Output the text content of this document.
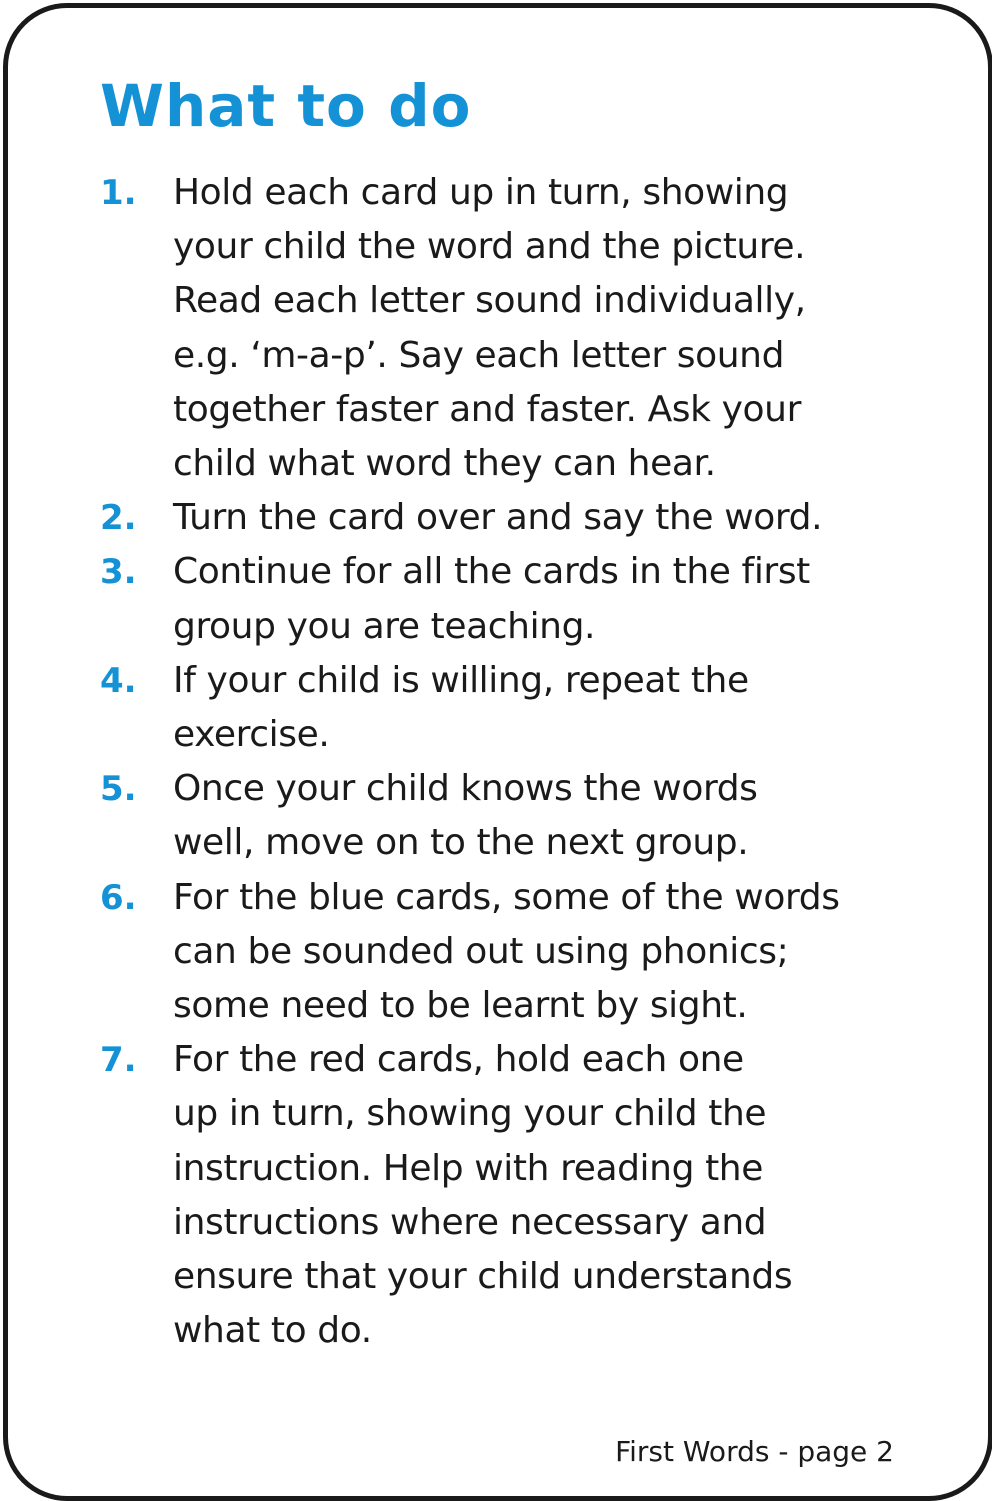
What to do
1.	Hold each card up in turn, showing
your child the word and the picture.
Read each letter sound individually,
e.g. ‘m-a-p’. Say each letter sound
together faster and faster. Ask your
child what word they can hear.
2.	Turn the card over and say the word.
3.	Continue for all the cards in the first
group you are teaching.
4.	If your child is willing, repeat the
exercise.
5.	Once your child knows the words
well, move on to the next group.
6.	For the blue cards, some of the words
can be sounded out using phonics;
some need to be learnt by sight.
7.	For the red cards, hold each one
up in turn, showing your child the
instruction. Help with reading the
instructions where necessary and
ensure that your child understands
what to do.
First Words - page 2
